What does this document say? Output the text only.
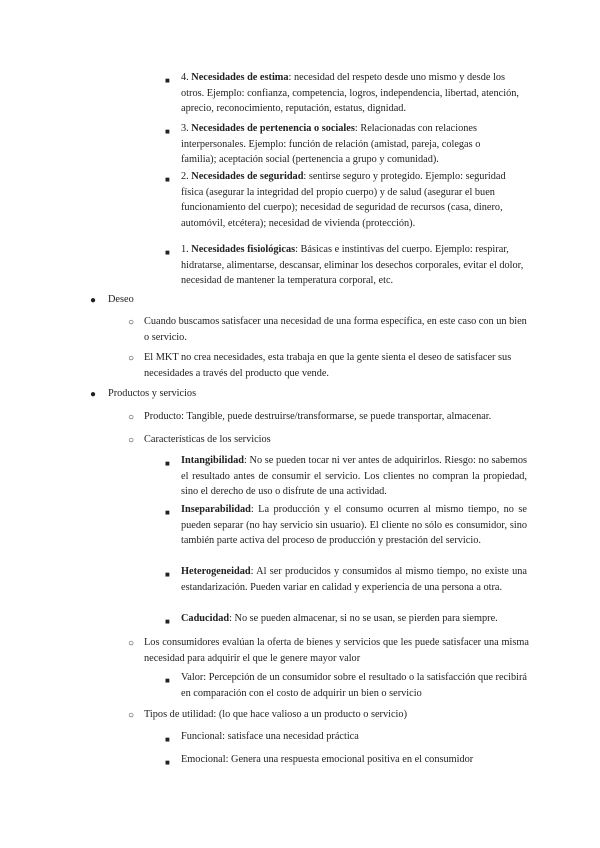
■ 4. Necesidades de estima: necesidad del respeto desde uno mismo y desde los otros. Ejemplo: confianza, competencia, logros, independencia, libertad, atención, aprecio, reconocimiento, reputación, estatus, dignidad.
■ 3. Necesidades de pertenencia o sociales: Relacionadas con relaciones interpersonales. Ejemplo: función de relación (amistad, pareja, colegas o familia); aceptación social (pertenencia a grupo y comunidad).
■ 2. Necesidades de seguridad: sentirse seguro y protegido. Ejemplo: seguridad física (asegurar la integridad del propio cuerpo) y de salud (asegurar el buen funcionamiento del cuerpo); necesidad de seguridad de recursos (casa, dinero, automóvil, etcétera); necesidad de vivienda (protección).
■ 1. Necesidades fisiológicas: Básicas e instintivas del cuerpo. Ejemplo: respirar, hidratarse, alimentarse, descansar, eliminar los desechos corporales, evitar el dolor, necesidad de mantener la temperatura corporal, etc.
● Deseo
○ Cuando buscamos satisfacer una necesidad de una forma específica, en este caso con un bien o servicio.
○ El MKT no crea necesidades, esta trabaja en que la gente sienta el deseo de satisfacer sus necesidades a través del producto que vende.
● Productos y servicios
○ Producto: Tangible, puede destruirse/transformarse, se puede transportar, almacenar.
○ Características de los servicios
■ Intangibilidad: No se pueden tocar ni ver antes de adquirirlos. Riesgo: no sabemos el resultado antes de consumir el servicio. Los clientes no compran la propiedad, sino el derecho de uso o disfrute de una actividad.
■ Inseparabilidad: La producción y el consumo ocurren al mismo tiempo, no se pueden separar (no hay servicio sin usuario). El cliente no sólo es consumidor, sino también parte activa del proceso de producción y prestación del servicio.
■ Heterogeneidad: Al ser producidos y consumidos al mismo tiempo, no existe una estandarización. Pueden variar en calidad y experiencia de una persona a otra.
■ Caducidad: No se pueden almacenar, si no se usan, se pierden para siempre.
○ Los consumidores evalúan la oferta de bienes y servicios que les puede satisfacer una misma necesidad para adquirir el que le genere mayor valor
■ Valor: Percepción de un consumidor sobre el resultado o la satisfacción que recibirá en comparación con el costo de adquirir un bien o servicio
○ Tipos de utilidad: (lo que hace valioso a un producto o servicio)
■ Funcional: satisface una necesidad práctica
■ Emocional: Genera una respuesta emocional positiva en el consumidor
